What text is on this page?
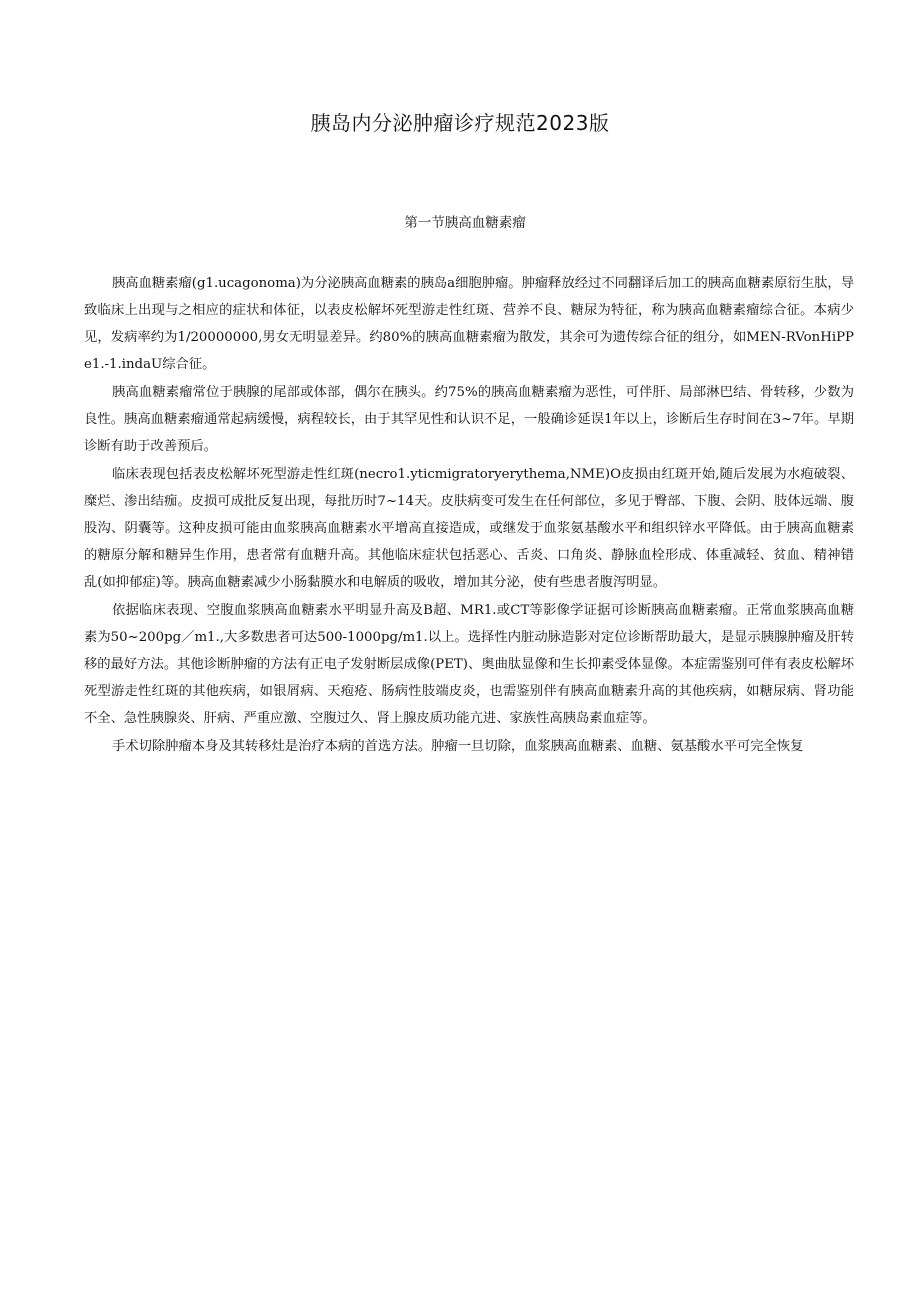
胰岛内分泌肿瘤诊疗规范2023版
第一节胰高血糖素瘤

胰高血糖素瘤(g1.ucagonoma)为分泌胰高血糖素的胰岛a细胞肿瘤。肿瘤释放经过不同翻译后加工的胰高血糖素原衍生肽，导致临床上出现与之相应的症状和体征，以表皮松解坏死型游走性红斑、营养不良、糖尿为特征，称为胰高血糖素瘤综合征。本病少见，发病率约为1/20000000,男女无明显差异。约80%的胰高血糖素瘤为散发，其余可为遗传综合征的组分，如MEN-RVonHiPPe1.-1.indaU综合征。

胰高血糖素瘤常位于胰腺的尾部或体部，偶尔在胰头。约75%的胰高血糖素瘤为恶性，可伴肝、局部淋巴结、骨转移，少数为良性。胰高血糖素瘤通常起病缓慢，病程较长，由于其罕见性和认识不足，一般确诊延误1年以上，诊断后生存时间在3~7年。早期诊断有助于改善预后。

临床表现包括表皮松解坏死型游走性红斑(necro1.yticmigratoryerythema,NME)O皮损由红斑开始,随后发展为水疱破裂、糜烂、渗出结痂。皮损可成批反复出现，每批历时7~14天。皮肤病变可发生在任何部位，多见于臀部、下腹、会阴、肢体远端、腹股沟、阴囊等。这种皮损可能由血浆胰高血糖素水平增高直接造成，或继发于血浆氨基酸水平和组织锌水平降低。由于胰高血糖素的糖原分解和糖异生作用，患者常有血糖升高。其他临床症状包括恶心、舌炎、口角炎、静脉血栓形成、体重减轻、贫血、精神错乱(如抑郁症)等。胰高血糖素减少小肠黏膜水和电解质的吸收，增加其分泌，使有些患者腹泻明显。

依据临床表现、空腹血浆胰高血糖素水平明显升高及B超、MR1.或CT等影像学证据可诊断胰高血糖素瘤。正常血浆胰高血糖素为50~200pg／m1.,大多数患者可达500-1000pg/m1.以上。选择性内脏动脉造影对定位诊断帮助最大，是显示胰腺肿瘤及肝转移的最好方法。其他诊断肿瘤的方法有正电子发射断层成像(PET)、奥曲肽显像和生长抑素受体显像。本症需鉴别可伴有表皮松解坏死型游走性红斑的其他疾病，如银屑病、天疱疮、肠病性肢端皮炎，也需鉴别伴有胰高血糖素升高的其他疾病，如糖尿病、肾功能不全、急性胰腺炎、肝病、严重应激、空腹过久、肾上腺皮质功能亢进、家族性高胰岛素血症等。

手术切除肿瘤本身及其转移灶是治疗本病的首选方法。肿瘤一旦切除，血浆胰高血糖素、血糖、氨基酸水平可完全恢复
